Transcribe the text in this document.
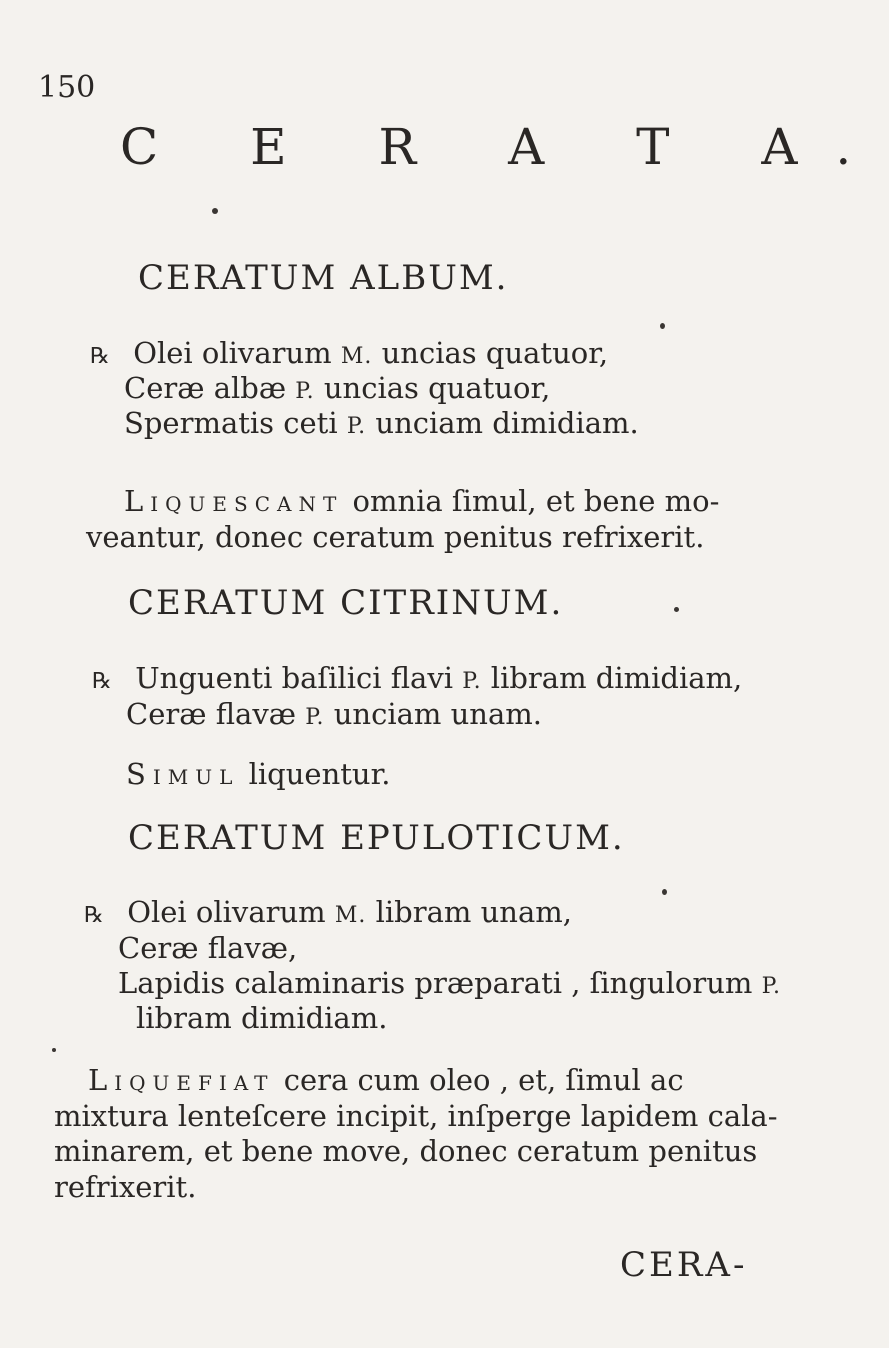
150
C E R A T A.
CERATUM ALBUM.
℞ Olei olivarum M. uncias quatuor,
Ceræ albæ P. uncias quatuor,
Spermatis ceti P. unciam dimidiam.
Liquescant omnia ſimul, et bene mo-
veantur, donec ceratum penitus refrixerit.
CERATUM CITRINUM.
℞ Unguenti baſilici flavi P. libram dimidiam,
Ceræ flavæ P. unciam unam.
Simul liquentur.
CERATUM EPULOTICUM.
℞ Olei olivarum M. libram unam,
Ceræ flavæ,
Lapidis calaminaris præparati , ſingulorum P.
libram dimidiam.
Liquefiat cera cum oleo , et, ſimul ac
mixtura lenteſcere incipit, inſperge lapidem cala-
minarem, et bene move, donec ceratum penitus
refrixerit.
CERA-
